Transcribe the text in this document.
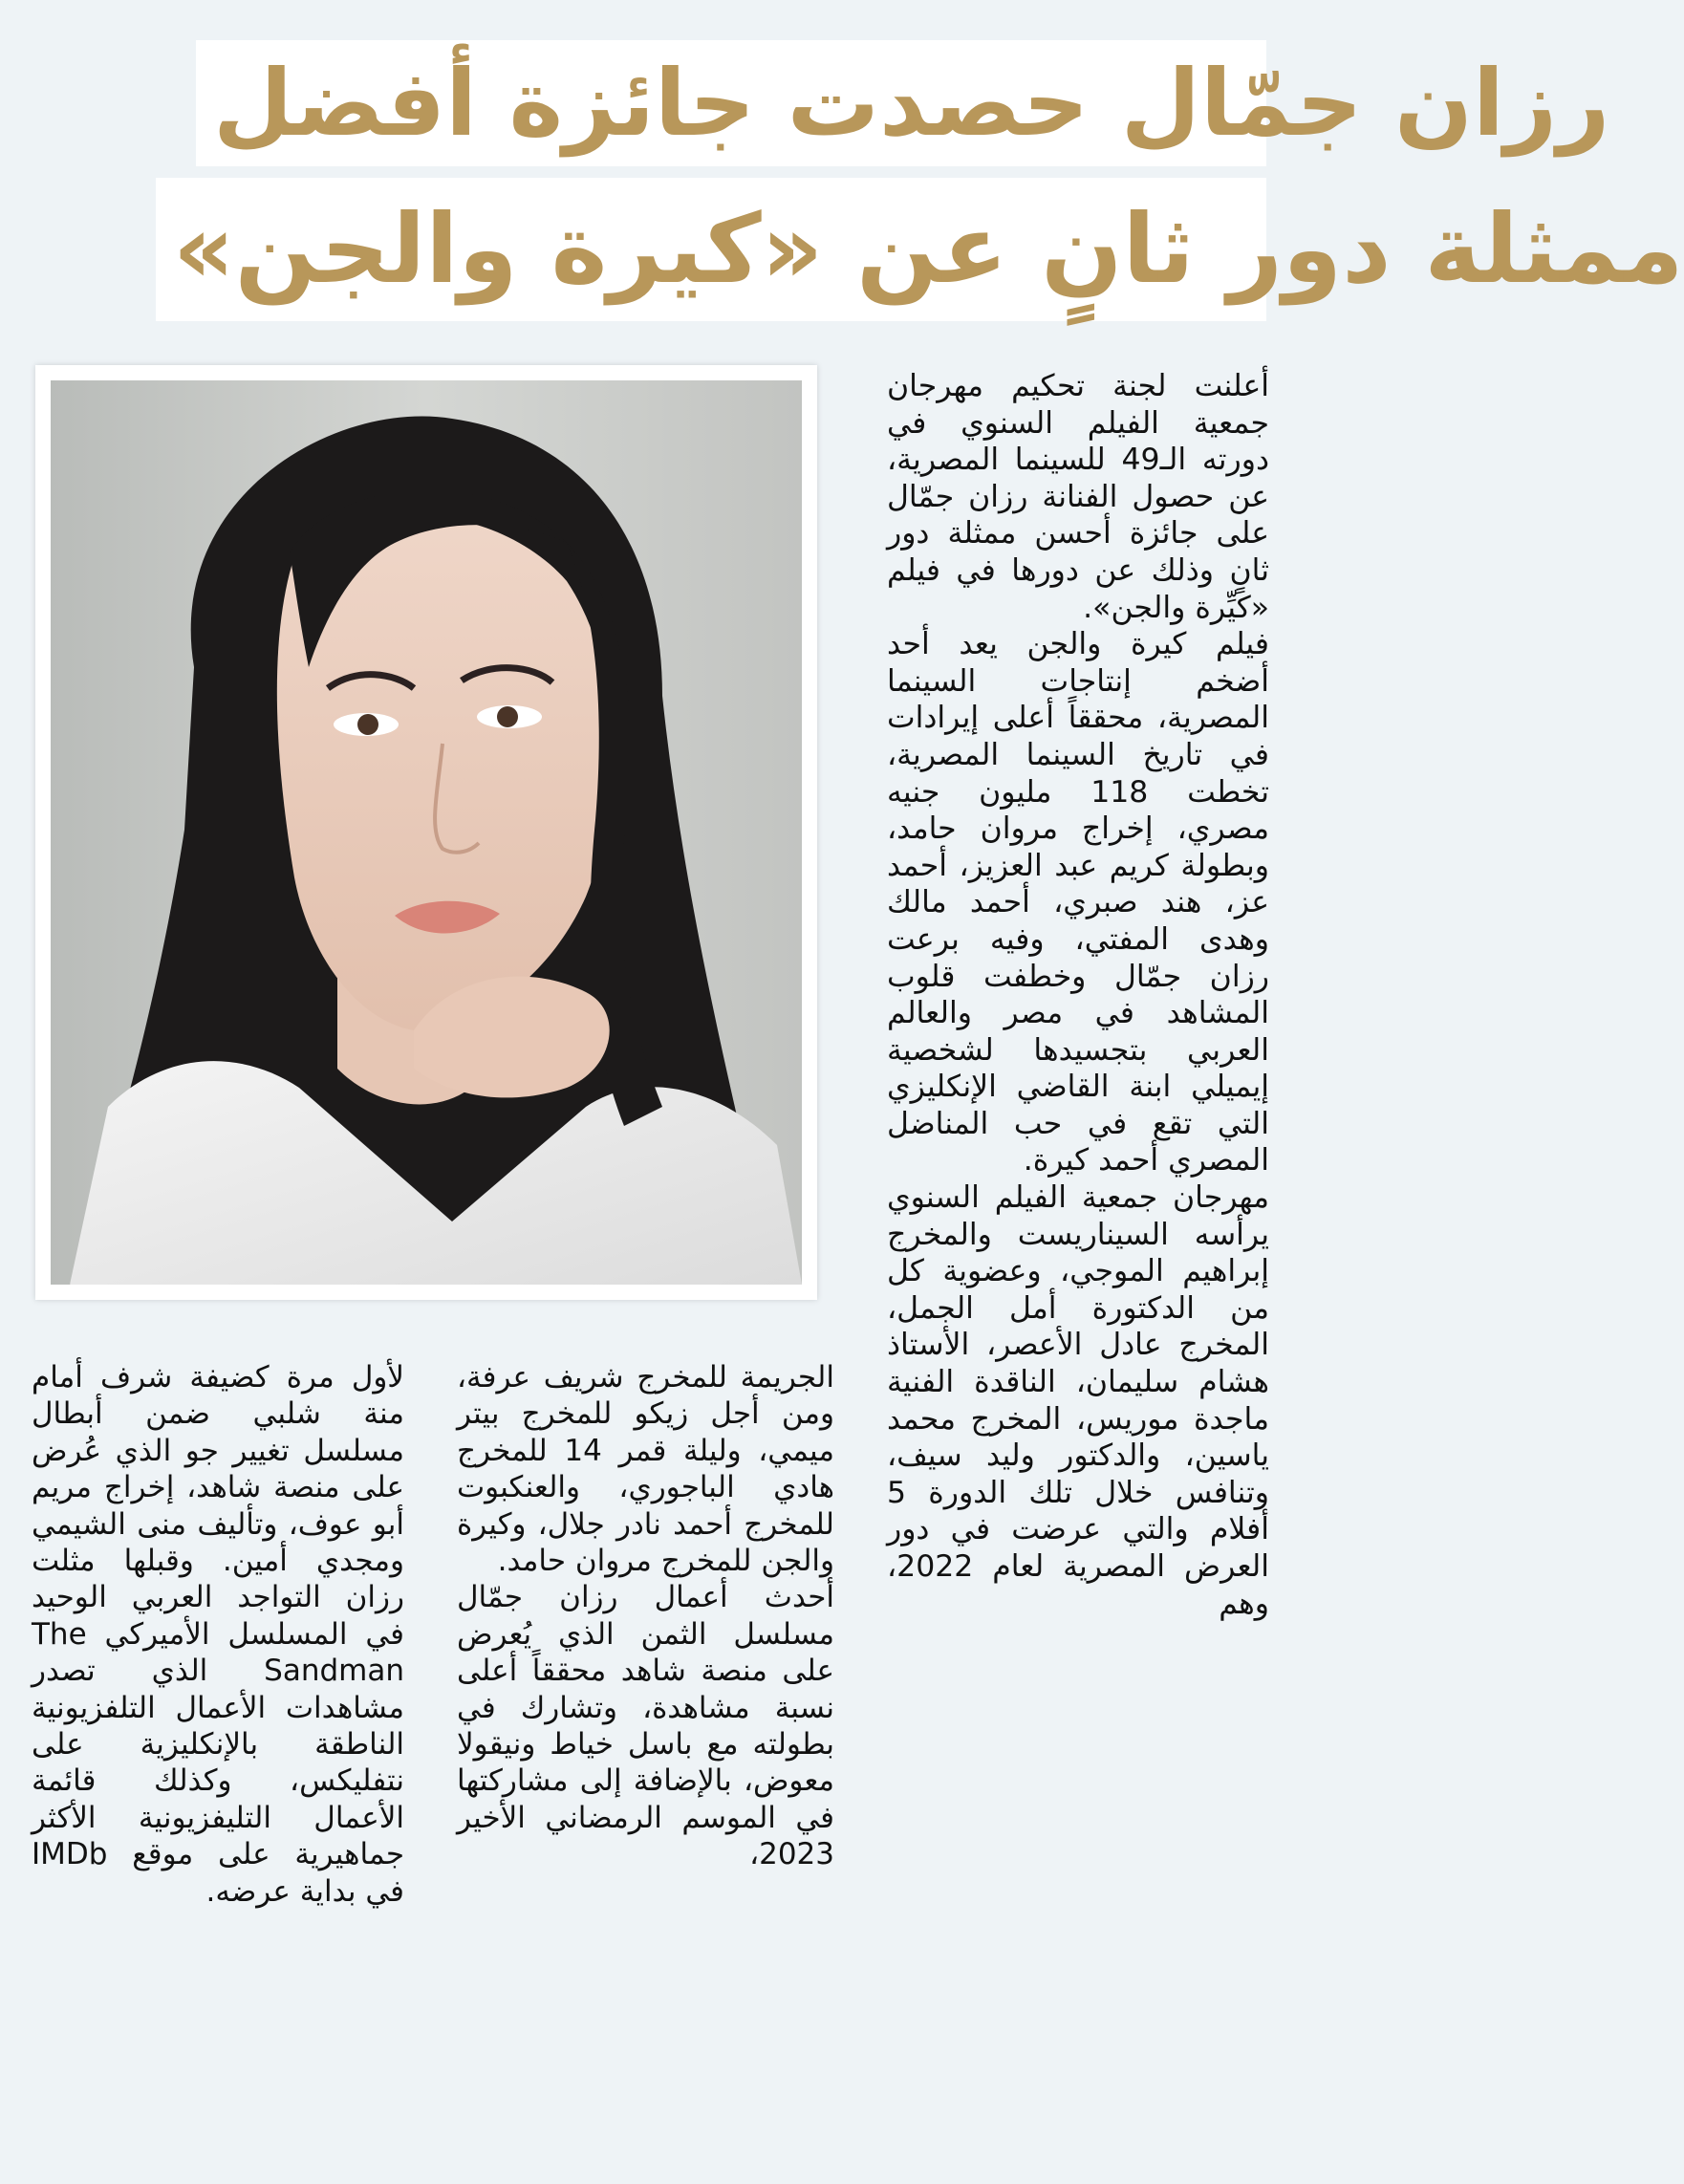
رزان جمّال حصدت جائزة أفضل
ممثلة دور ثانٍ عن «كيرة والجن»
أعلنت لجنة تحكيم مهرجان جمعية الفيلم السنوي في دورته الـ49 للسينما المصرية، عن حصول الفنانة رزان جمّال على جائزة أحسن ممثلة دور ثانٍ وذلك عن دورها في فيلم «كيِّرة والجن».
فيلم كيرة والجن يعد أحد أضخم إنتاجات السينما المصرية، محققاً أعلى إيرادات في تاريخ السينما المصرية، تخطت 118 مليون جنيه مصري، إخراج مروان حامد، وبطولة كريم عبد العزيز، أحمد عز، هند صبري، أحمد مالك وهدى المفتي، وفيه برعت رزان جمّال وخطفت قلوب المشاهد في مصر والعالم العربي بتجسيدها لشخصية إيميلي ابنة القاضي الإنكليزي التي تقع في حب المناضل المصري أحمد كيرة.
مهرجان جمعية الفيلم السنوي يرأسه السيناريست والمخرج إبراهيم الموجي، وعضوية كل من الدكتورة أمل الجمل، المخرج عادل الأعصر، الأستاذ هشام سليمان، الناقدة الفنية ماجدة موريس، المخرج محمد ياسين، والدكتور وليد سيف، وتنافس خلال تلك الدورة 5 أفلام والتي عرضت في دور العرض المصرية لعام 2022، وهم
الجريمة للمخرج شريف عرفة، ومن أجل زيكو للمخرج بيتر ميمي، وليلة قمر 14 للمخرج هادي الباجوري، والعنكبوت للمخرج أحمد نادر جلال، وكيرة والجن للمخرج مروان حامد.
أحدث أعمال رزان جمّال مسلسل الثمن الذي يُعرض على منصة شاهد محققاً أعلى نسبة مشاهدة، وتشارك في بطولته مع باسل خياط ونيقولا معوض، بالإضافة إلى مشاركتها في الموسم الرمضاني الأخير 2023،
لأول مرة كضيفة شرف أمام منة شلبي ضمن أبطال مسلسل تغيير جو الذي عُرض على منصة شاهد، إخراج مريم أبو عوف، وتأليف منى الشيمي ومجدي أمين. وقبلها مثلت رزان التواجد العربي الوحيد في المسلسل الأميركي The Sandman الذي تصدر مشاهدات الأعمال التلفزيونية الناطقة بالإنكليزية على نتفليكس، وكذلك قائمة الأعمال التليفزيونية الأكثر جماهيرية على موقع IMDb في بداية عرضه.
